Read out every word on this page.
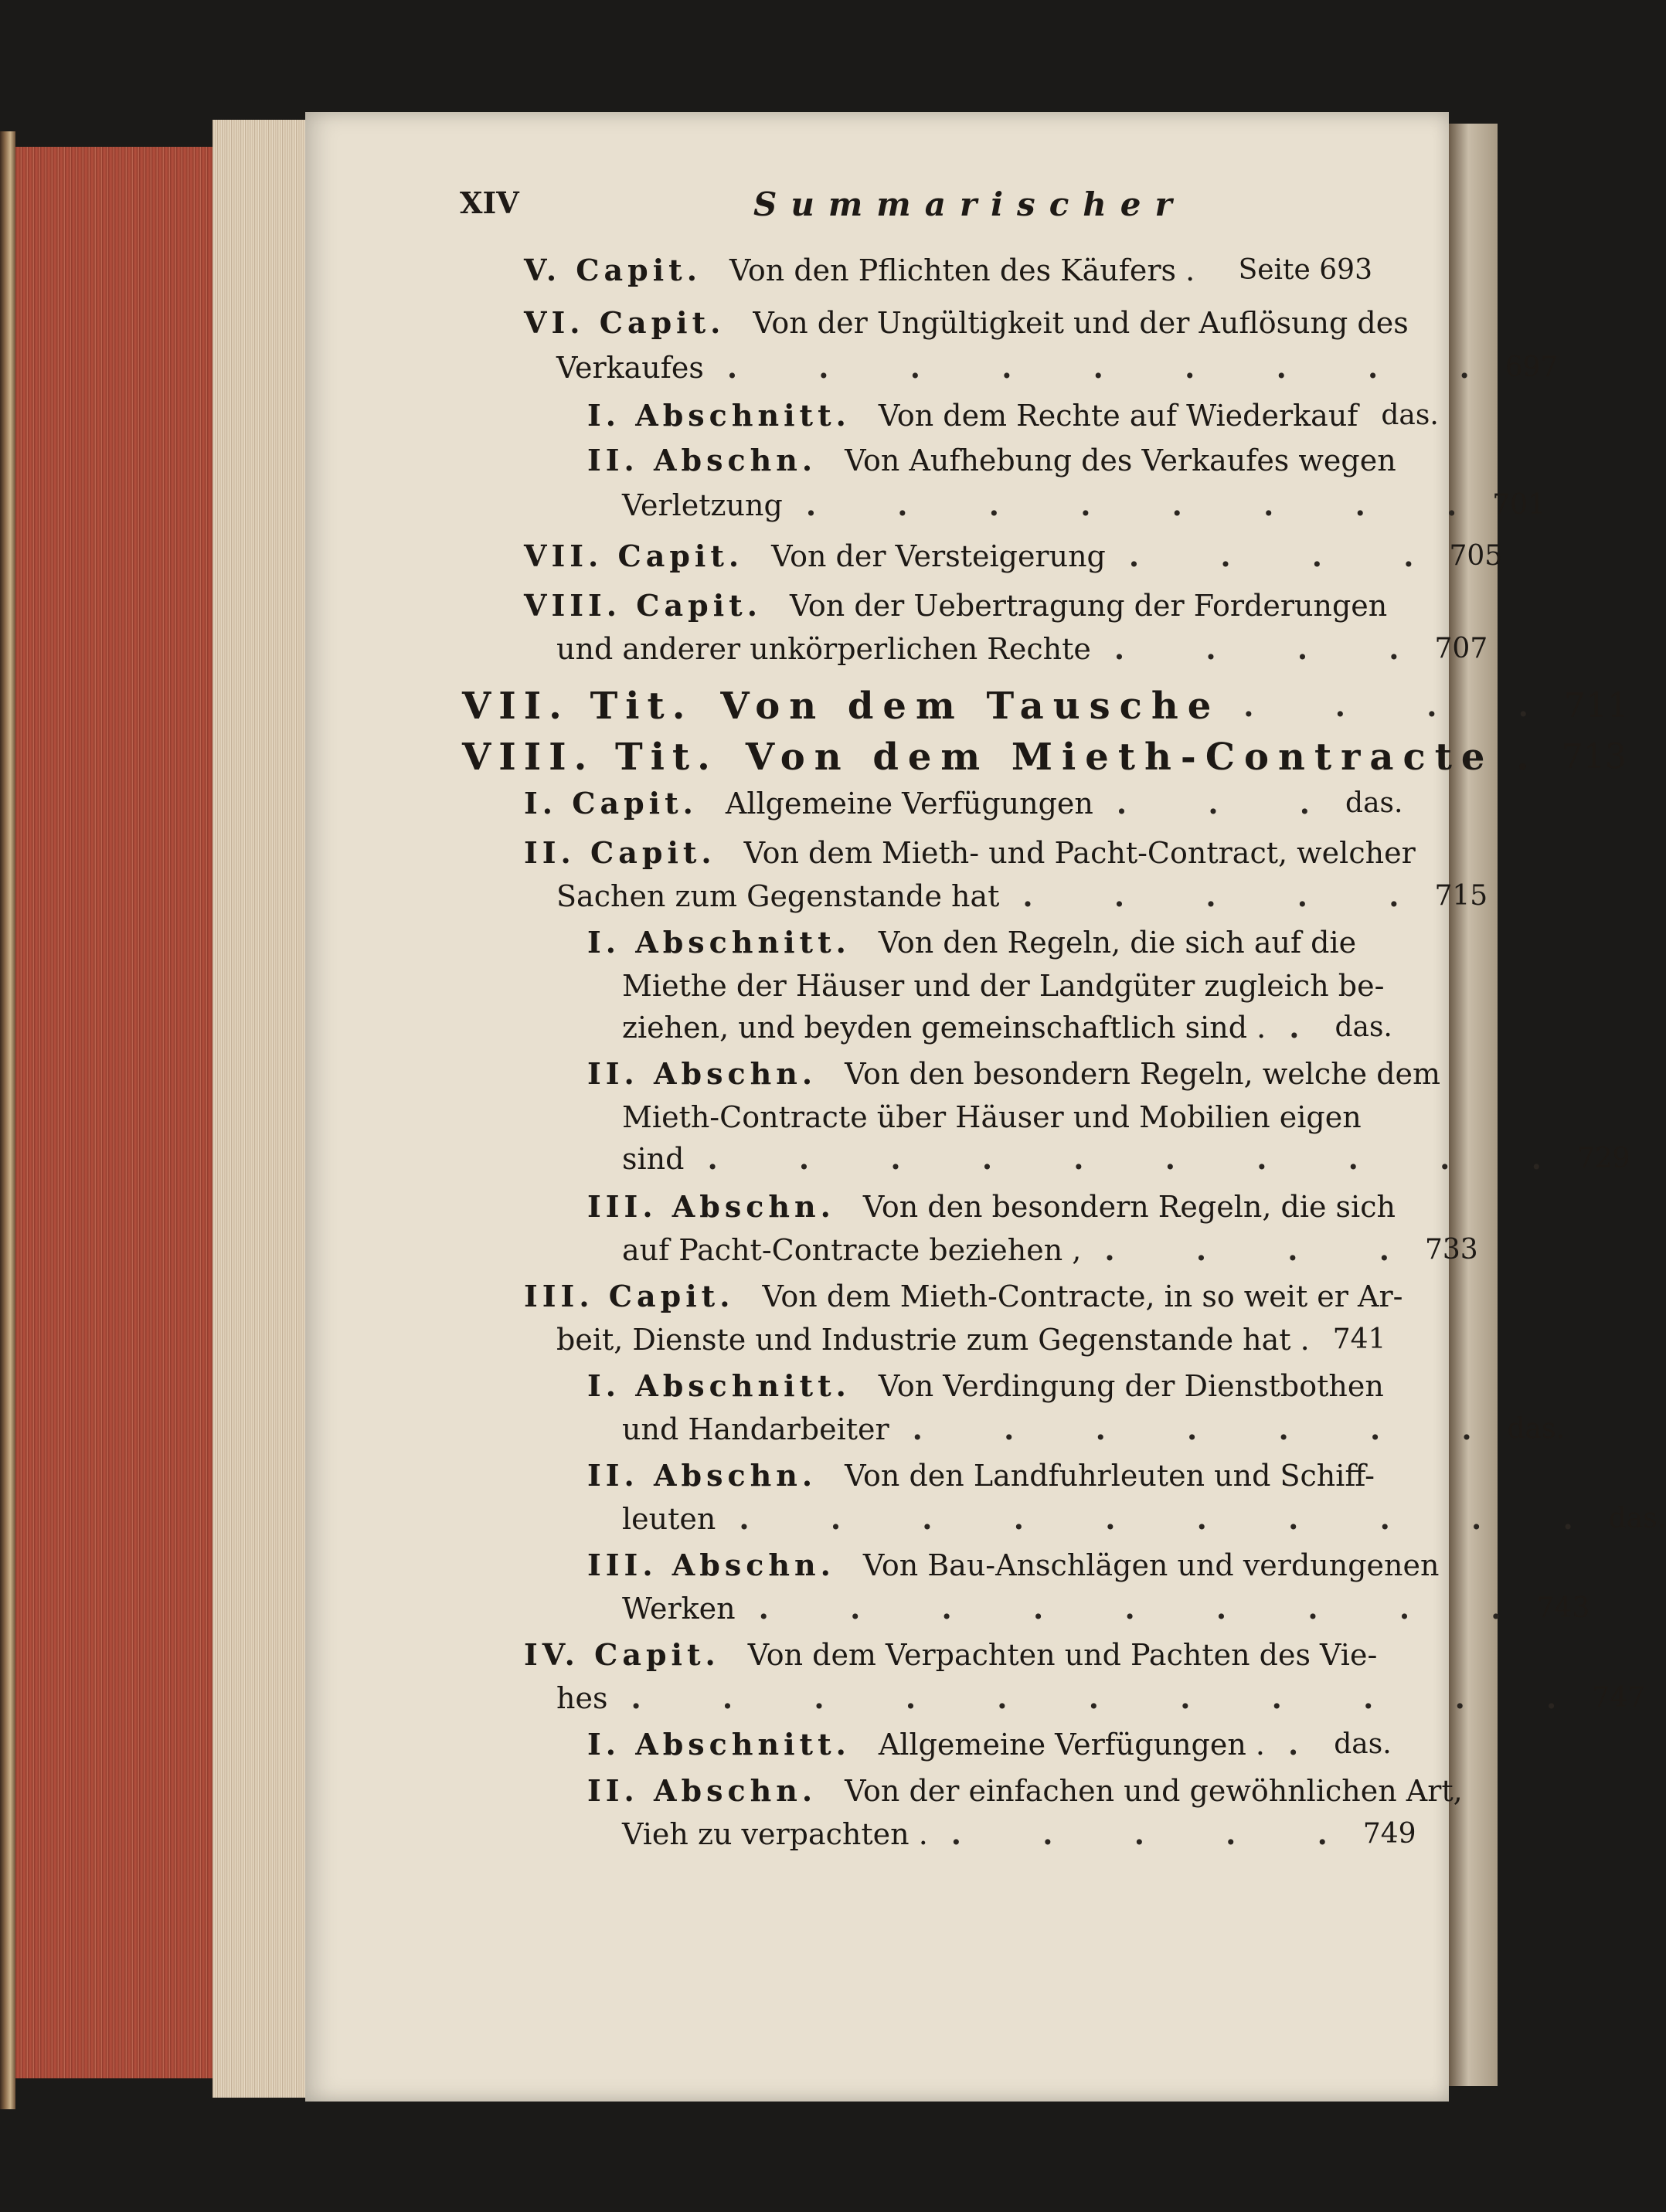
XIV	Summarischer
V. Capit. Von den Pflichten des Käufers .	Seite 693
VI. Capit. Von der Ungültigkeit und der Auflösung des
Verkaufes . . . . . . . . . 697
I. Abschnitt. Von dem Rechte auf Wiederkauf das.
II. Abschn. Von Aufhebung des Verkaufes wegen
Verletzung . . . . . . . . 701
VII. Capit. Von der Versteigerung . . . . 705
VIII. Capit. Von der Uebertragung der Forderungen
und anderer unkörperlichen Rechte . . . . 707
VII. Tit. Von dem Tausche . . . . 711
VIII. Tit. Von dem Mieth-Contracte . 713
I. Capit. Allgemeine Verfügungen . . . das.
II. Capit. Von dem Mieth- und Pacht-Contract, welcher
Sachen zum Gegenstande hat . . . . . 715
I. Abschnitt. Von den Regeln, die sich auf die
Miethe der Häuser und der Landgüter zugleich be-
ziehen, und beyden gemeinschaftlich sind . . das.
II. Abschn. Von den besondern Regeln, welche dem
Mieth-Contracte über Häuser und Mobilien eigen
sind . . . . . . . . . . 729
III. Abschn. Von den besondern Regeln, die sich
auf Pacht-Contracte beziehen , . . . . 733
III. Capit. Von dem Mieth-Contracte, in so weit er Ar-
beit, Dienste und Industrie zum Gegenstande hat . 741
I. Abschnitt. Von Verdingung der Dienstbothen
und Handarbeiter . . . . . . . das.
II. Abschn. Von den Landfuhrleuten und Schiff-
leuten . . . . . . . . . . das.
III. Abschn. Von Bau-Anschlägen und verdungenen
Werken . . . . . . . . . 743
IV. Capit. Von dem Verpachten und Pachten des Vie-
hes . . . . . . . . . . . 747
I. Abschnitt. Allgemeine Verfügungen . . das.
II. Abschn. Von der einfachen und gewöhnlichen Art,
Vieh zu verpachten . . . . . . 749
